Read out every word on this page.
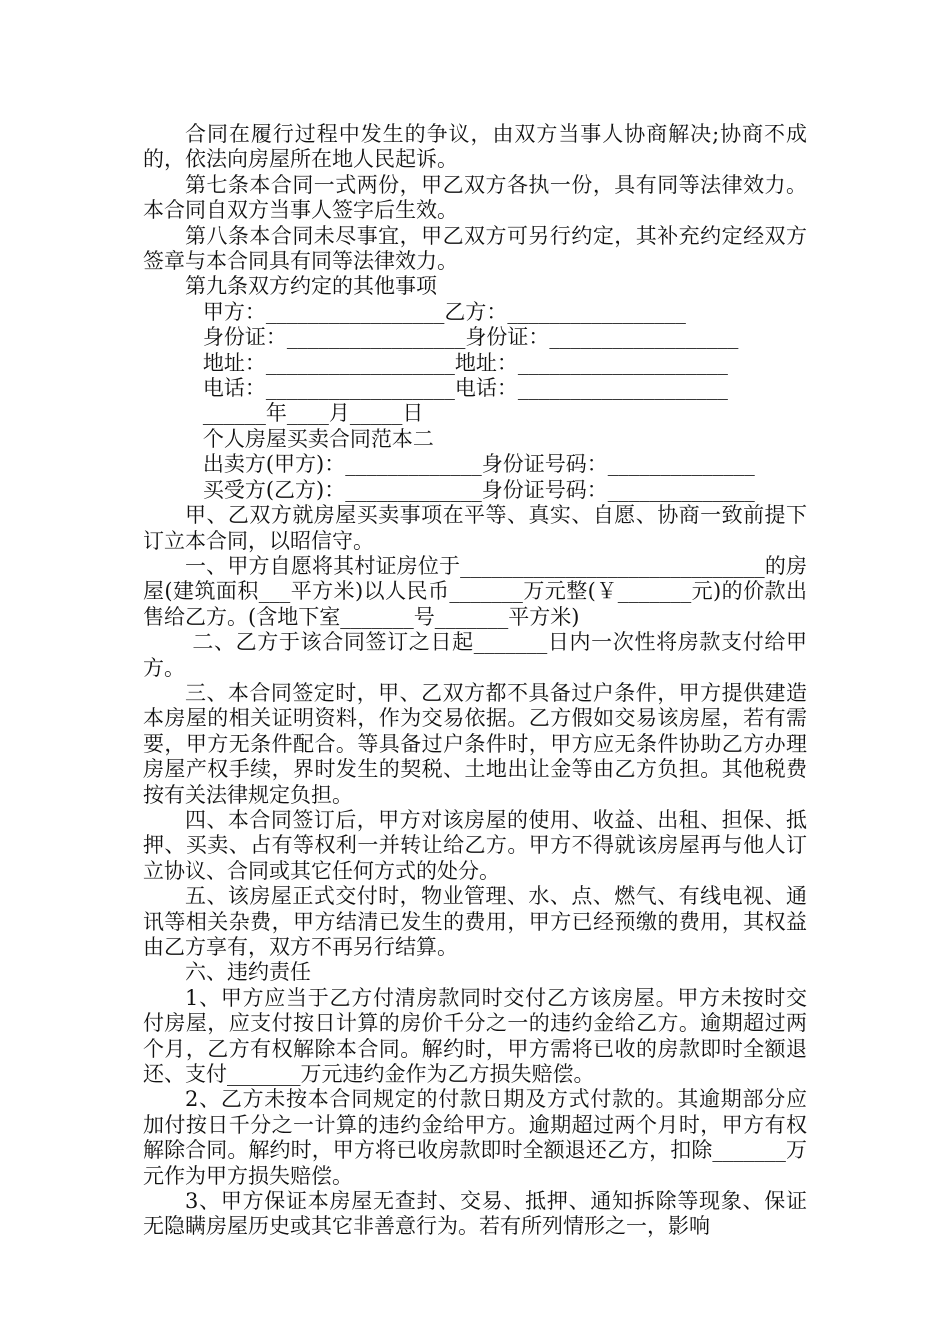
合同在履行过程中发生的争议，由双方当事人协商解决;协商不成的，依法向房屋所在地人民起诉。

第七条本合同一式两份，甲乙双方各执一份，具有同等法律效力。本合同自双方当事人签字后生效。

第八条本合同未尽事宜，甲乙双方可另行约定，其补充约定经双方签章与本合同具有同等法律效力。

第九条双方约定的其他事项

甲方：_________________乙方：_________________

身份证：_________________身份证：__________________

地址：__________________地址：____________________

电话：__________________电话：____________________

______年____月_____日

个人房屋买卖合同范本二

出卖方(甲方)：_____________身份证号码：______________

买受方(乙方)：_____________身份证号码：______________

甲、乙双方就房屋买卖事项在平等、真实、自愿、协商一致前提下订立本合同，以昭信守。

一、甲方自愿将其村证房位于_____________________________的房屋(建筑面积___平方米)以人民币_______万元整(￥_______元)的价款出售给乙方。(含地下室_______号_______平方米)

二、乙方于该合同签订之日起_______日内一次性将房款支付给甲方。

三、本合同签定时，甲、乙双方都不具备过户条件，甲方提供建造本房屋的相关证明资料，作为交易依据。乙方假如交易该房屋，若有需要，甲方无条件配合。等具备过户条件时，甲方应无条件协助乙方办理房屋产权手续，界时发生的契税、土地出让金等由乙方负担。其他税费按有关法律规定负担。

四、本合同签订后，甲方对该房屋的使用、收益、出租、担保、抵押、买卖、占有等权利一并转让给乙方。甲方不得就该房屋再与他人订立协议、合同或其它任何方式的处分。

五、该房屋正式交付时，物业管理、水、点、燃气、有线电视、通讯等相关杂费，甲方结清已发生的费用，甲方已经预缴的费用，其权益由乙方享有，双方不再另行结算。

六、违约责任

1、甲方应当于乙方付清房款同时交付乙方该房屋。甲方未按时交付房屋，应支付按日计算的房价千分之一的违约金给乙方。逾期超过两个月，乙方有权解除本合同。解约时，甲方需将已收的房款即时全额退还、支付_______万元违约金作为乙方损失赔偿。

2、乙方未按本合同规定的付款日期及方式付款的。其逾期部分应加付按日千分之一计算的违约金给甲方。逾期超过两个月时，甲方有权解除合同。解约时，甲方将已收房款即时全额退还乙方，扣除_______万元作为甲方损失赔偿。

3、甲方保证本房屋无查封、交易、抵押、通知拆除等现象、保证无隐瞒房屋历史或其它非善意行为。若有所列情形之一，影响
